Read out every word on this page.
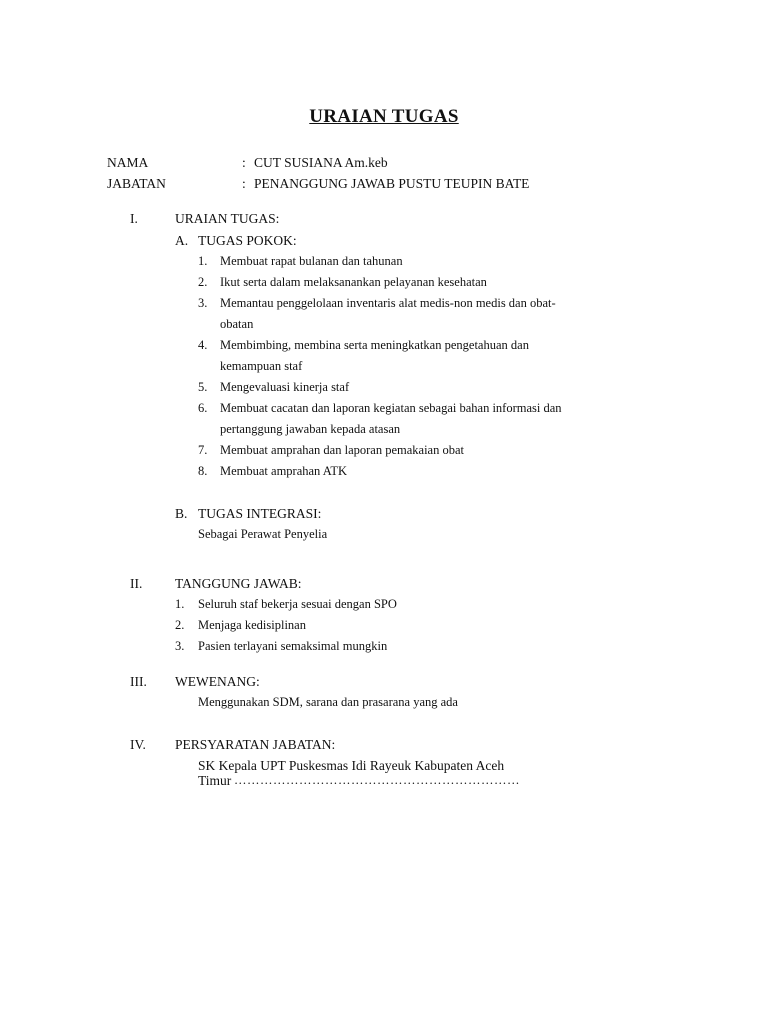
URAIAN TUGAS
NAMA	: CUT SUSIANA Am.keb
JABATAN	: PENANGGUNG JAWAB PUSTU TEUPIN BATE
I.	URAIAN TUGAS:
A. TUGAS POKOK:
1. Membuat rapat bulanan dan tahunan
2. Ikut serta dalam melaksanankan pelayanan kesehatan
3. Memantau penggelolaan inventaris alat medis-non medis dan obat-
obatan
4. Membimbing, membina serta meningkatkan pengetahuan dan
kemampuan staf
5. Mengevaluasi kinerja staf
6. Membuat cacatan dan laporan kegiatan sebagai bahan informasi dan
pertanggung jawaban kepada atasan
7. Membuat amprahan dan laporan pemakaian obat
8. Membuat amprahan ATK
B. TUGAS INTEGRASI:
Sebagai Perawat Penyelia
II. TANGGUNG JAWAB:
1. Seluruh staf bekerja sesuai dengan SPO
2. Menjaga kedisiplinan
3. Pasien terlayani semaksimal mungkin
III. WEWENANG:
Menggunakan SDM, sarana dan prasarana yang ada
IV. PERSYARATAN JABATAN:
SK Kepala UPT Puskesmas Idi Rayeuk Kabupaten Aceh
Timur …………………………………………………………
